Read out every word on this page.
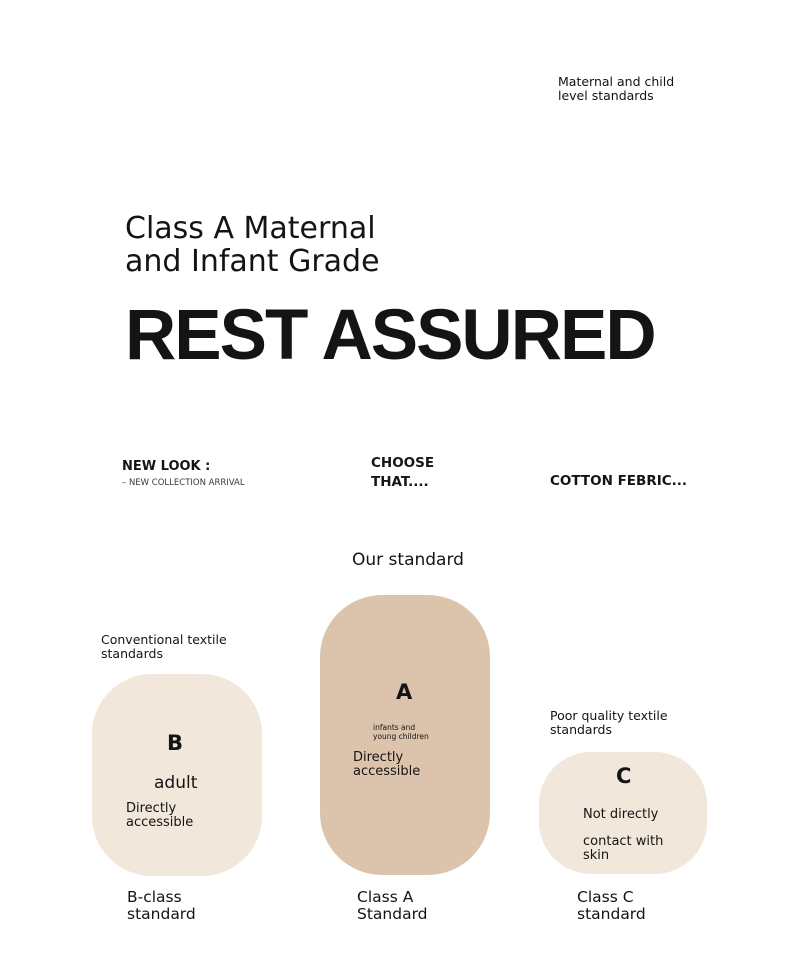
Maternal and child
level standards
Class A Maternal
and Infant Grade
REST ASSURED
NEW LOOK :
– NEW COLLECTION ARRIVAL
CHOOSE
THAT....	COTTON FEBRIC...
Our standard
Conventional textile
standards
B
adult
Directly
accessible
B-class
standard
A
infants and
young children
Directly
accessible
Class A
Standard
Poor quality textile
standards
C
Not directly
contact with
skin
Class C
standard
